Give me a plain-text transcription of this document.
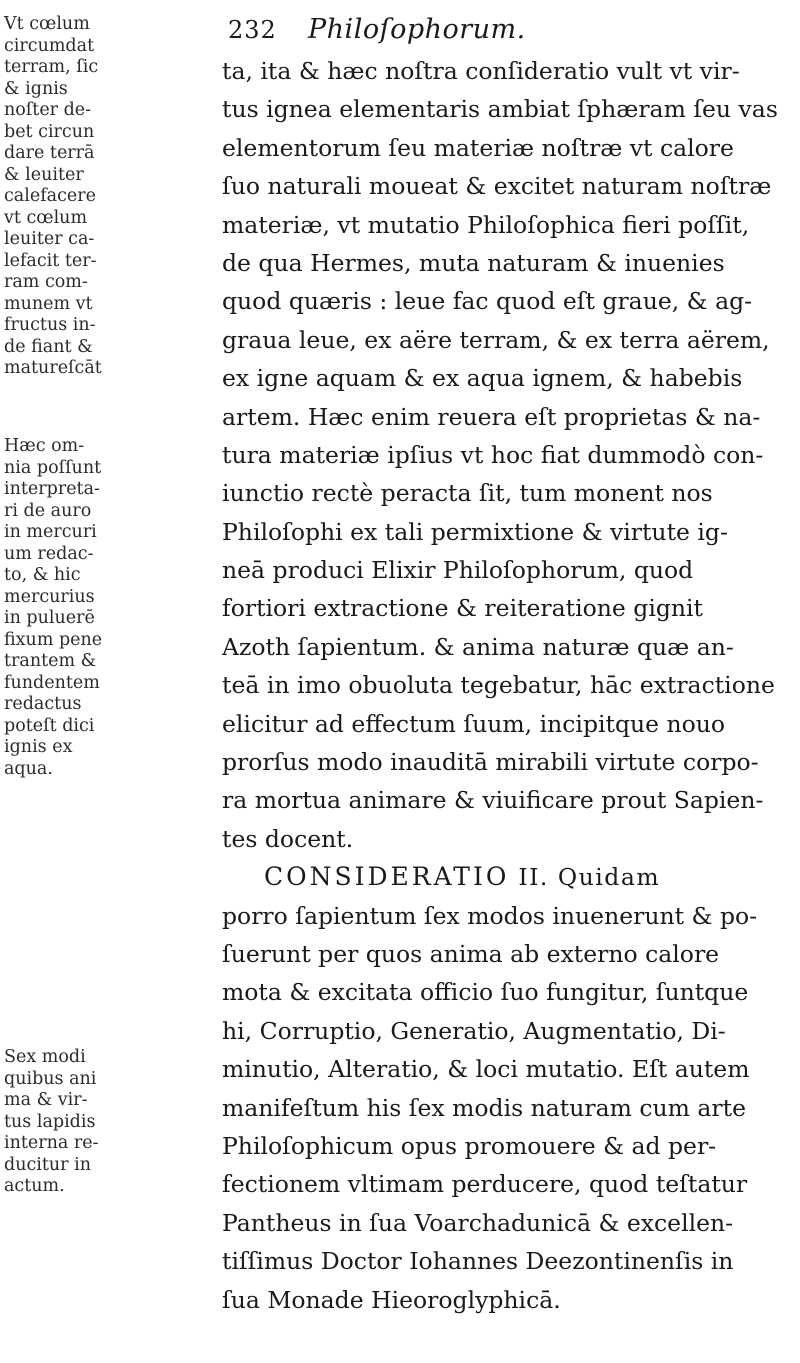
232 Philoſophorum.
Vt cœlum
circumdat
terram, ſic
& ignis
noſter de-
bet circun
dare terrā
& leuiter
calefacere
vt cœlum
leuiter ca-
lefacit ter-
ram com-
munem vt
fructus in-
de fiant &
matureſcāt
Hæc om-
nia poſſunt
interpreta-
ri de auro
in mercuri
um redac-
to, & hic
mercurius
in puluerē
fixum pene
trantem &
fundentem
redactus
poteſt dici
ignis ex
aqua.
Sex modi
quibus ani
ma & vir-
tus lapidis
interna re-
ducitur in
actum.
ta, ita & hæc noſtra conſideratio vult vt vir-
tus ignea elementaris ambiat ſphæram ſeu vas
elementorum ſeu materiæ noſtræ vt calore
ſuo naturali moueat & excitet naturam noſtræ
materiæ, vt mutatio Philoſophica fieri poſſit,
de qua Hermes, muta naturam & inuenies
quod quæris : leue fac quod eſt graue, & ag-
graua leue, ex aëre terram, & ex terra aërem,
ex igne aquam & ex aqua ignem, & habebis
artem. Hæc enim reuera eſt proprietas & na-
tura materiæ ipſius vt hoc fiat dummodò con-
iunctio rectè peracta ſit, tum monent nos
Philoſophi ex tali permixtione & virtute ig-
neā produci Elixir Philoſophorum, quod
fortiori extractione & reiteratione gignit
Azoth ſapientum. & anima naturæ quæ an-
teā in imo obuoluta tegebatur, hāc extractione
elicitur ad effectum ſuum, incipitque nouo
prorſus modo inauditā mirabili virtute corpo-
ra mortua animare & viuificare prout Sapien-
tes docent.
CONSIDERATIO II. Quidam
porro ſapientum ſex modos inuenerunt & po-
ſuerunt per quos anima ab externo calore
mota & excitata officio ſuo fungitur, ſuntque
hi, Corruptio, Generatio, Augmentatio, Di-
minutio, Alteratio, & loci mutatio. Eſt autem
manifeſtum his ſex modis naturam cum arte
Philoſophicum opus promouere & ad per-
fectionem vltimam perducere, quod teſtatur
Pantheus in ſua Voarchadunicā & excellen-
tiſſimus Doctor Iohannes Deezontinenſis in
ſua Monade Hieoroglyphicā.
